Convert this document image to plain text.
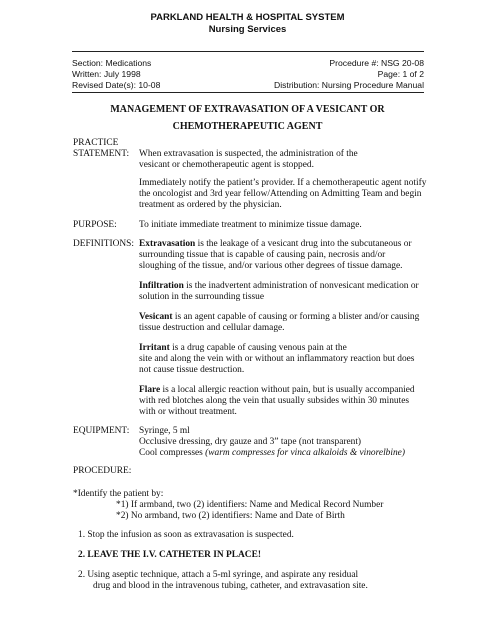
PARKLAND HEALTH & HOSPITAL SYSTEM
Nursing Services
Section: Medications	Procedure #: NSG 20-08
Written: July 1998	Page: 1 of 2
Revised Date(s): 10-08	Distribution: Nursing Procedure Manual
MANAGEMENT OF EXTRAVASATION OF A VESICANT OR
CHEMOTHERAPEUTIC AGENT
PRACTICE
STATEMENT: When extravasation is suspected, the administration of the
vesicant or chemotherapeutic agent is stopped.
Immediately notify the patient’s provider. If a chemotherapeutic agent notify
the oncologist and 3rd year fellow/Attending on Admitting Team and begin
treatment as ordered by the physician.
PURPOSE: To initiate immediate treatment to minimize tissue damage.
DEFINITIONS: Extravasation is the leakage of a vesicant drug into the subcutaneous or
surrounding tissue that is capable of causing pain, necrosis and/or
sloughing of the tissue, and/or various other degrees of tissue damage.
Infiltration is the inadvertent administration of nonvesicant medication or
solution in the surrounding tissue
Vesicant is an agent capable of causing or forming a blister and/or causing
tissue destruction and cellular damage.
Irritant is a drug capable of causing venous pain at the
site and along the vein with or without an inflammatory reaction but does
not cause tissue destruction.
Flare is a local allergic reaction without pain, but is usually accompanied
with red blotches along the vein that usually subsides within 30 minutes
with or without treatment.
EQUIPMENT: Syringe, 5 ml
Occlusive dressing, dry gauze and 3” tape (not transparent)
Cool compresses (warm compresses for vinca alkaloids & vinorelbine)
PROCEDURE:
*Identify the patient by:
*1) If armband, two (2) identifiers: Name and Medical Record Number
*2) No armband, two (2) identifiers: Name and Date of Birth
1. Stop the infusion as soon as extravasation is suspected.
2. LEAVE THE I.V. CATHETER IN PLACE!
2. Using aseptic technique, attach a 5-ml syringe, and aspirate any residual
drug and blood in the intravenous tubing, catheter, and extravasation site.
